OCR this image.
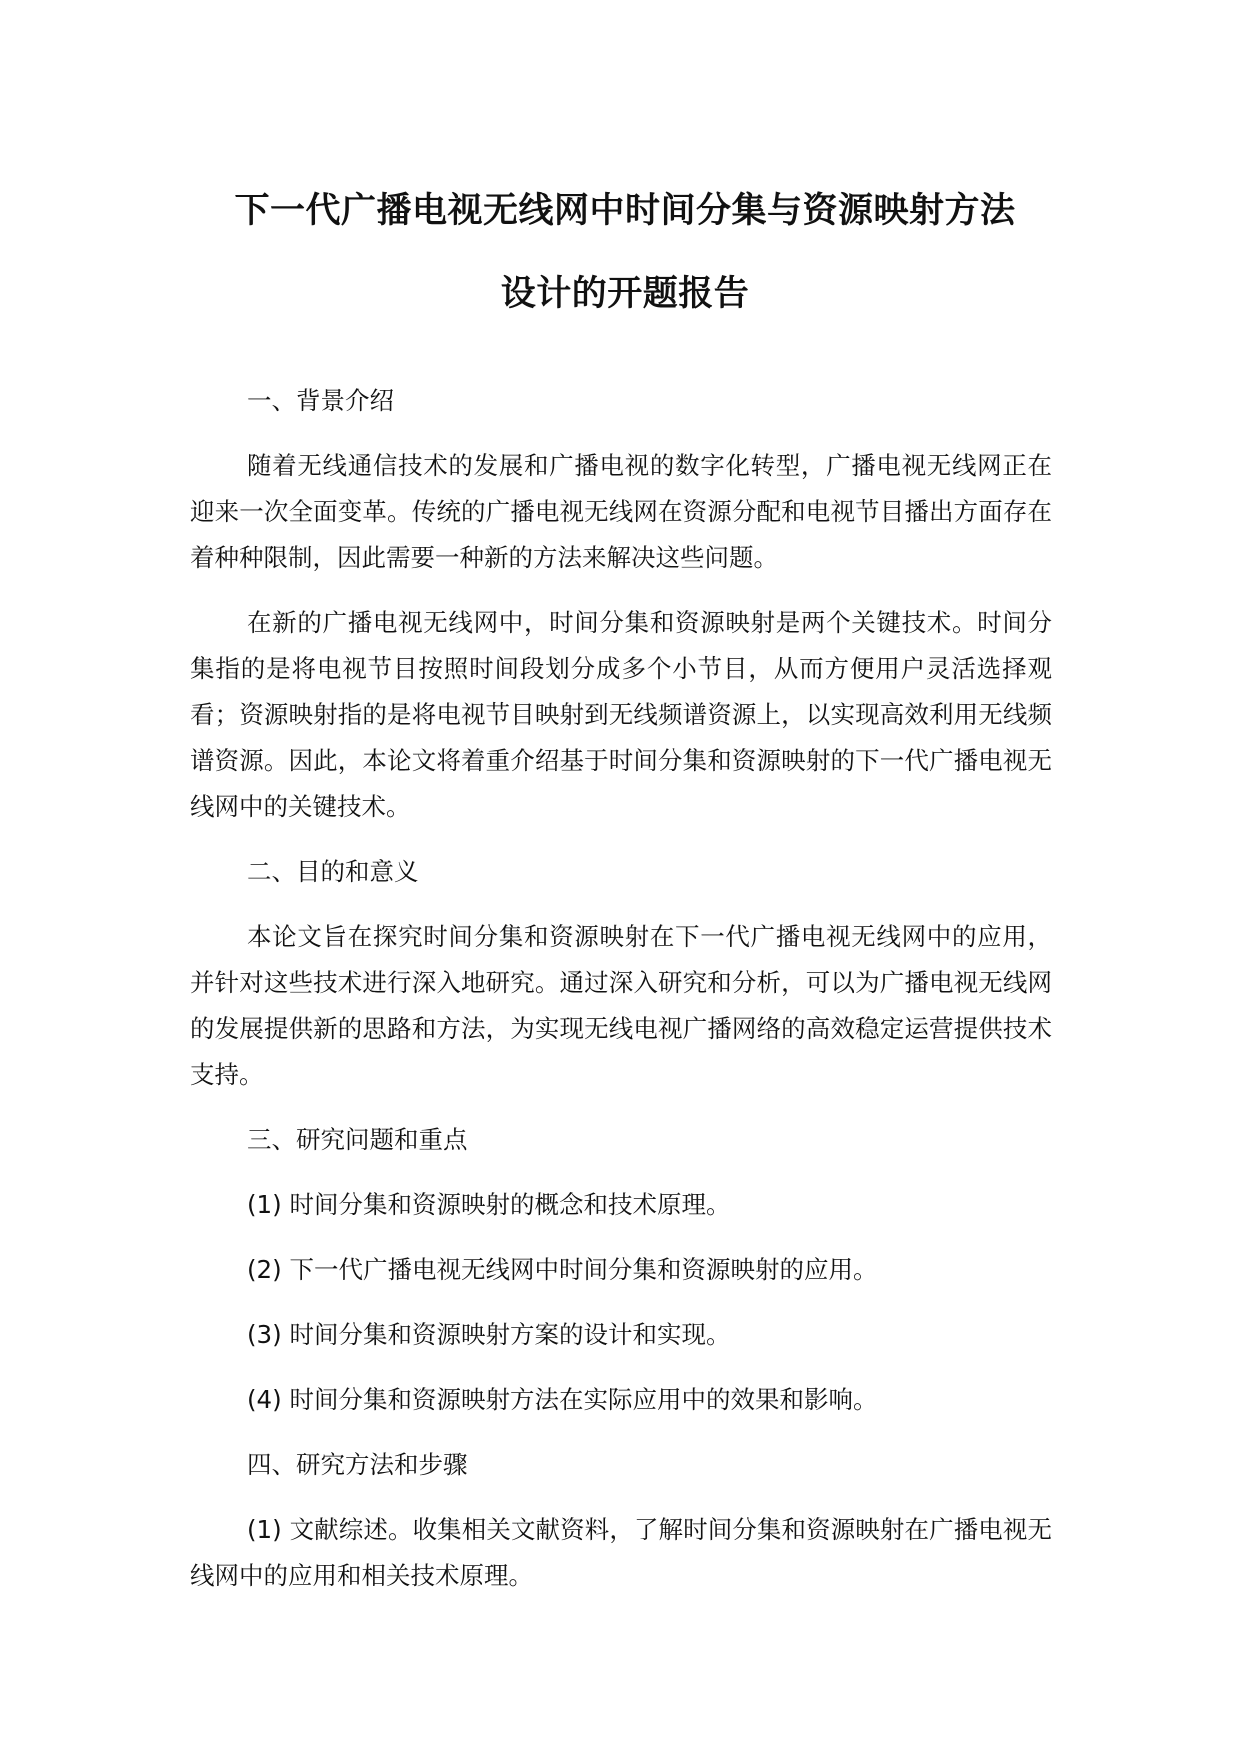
下一代广播电视无线网中时间分集与资源映射方法
设计的开题报告

一、背景介绍

随着无线通信技术的发展和广播电视的数字化转型，广播电视无线网正在迎来一次全面变革。传统的广播电视无线网在资源分配和电视节目播出方面存在着种种限制，因此需要一种新的方法来解决这些问题。

在新的广播电视无线网中，时间分集和资源映射是两个关键技术。时间分集指的是将电视节目按照时间段划分成多个小节目，从而方便用户灵活选择观看；资源映射指的是将电视节目映射到无线频谱资源上，以实现高效利用无线频谱资源。因此，本论文将着重介绍基于时间分集和资源映射的下一代广播电视无线网中的关键技术。

二、目的和意义

本论文旨在探究时间分集和资源映射在下一代广播电视无线网中的应用，并针对这些技术进行深入地研究。通过深入研究和分析，可以为广播电视无线网的发展提供新的思路和方法，为实现无线电视广播网络的高效稳定运营提供技术支持。

三、研究问题和重点

(1) 时间分集和资源映射的概念和技术原理。

(2) 下一代广播电视无线网中时间分集和资源映射的应用。

(3) 时间分集和资源映射方案的设计和实现。

(4) 时间分集和资源映射方法在实际应用中的效果和影响。

四、研究方法和步骤

(1) 文献综述。收集相关文献资料，了解时间分集和资源映射在广播电视无线网中的应用和相关技术原理。
